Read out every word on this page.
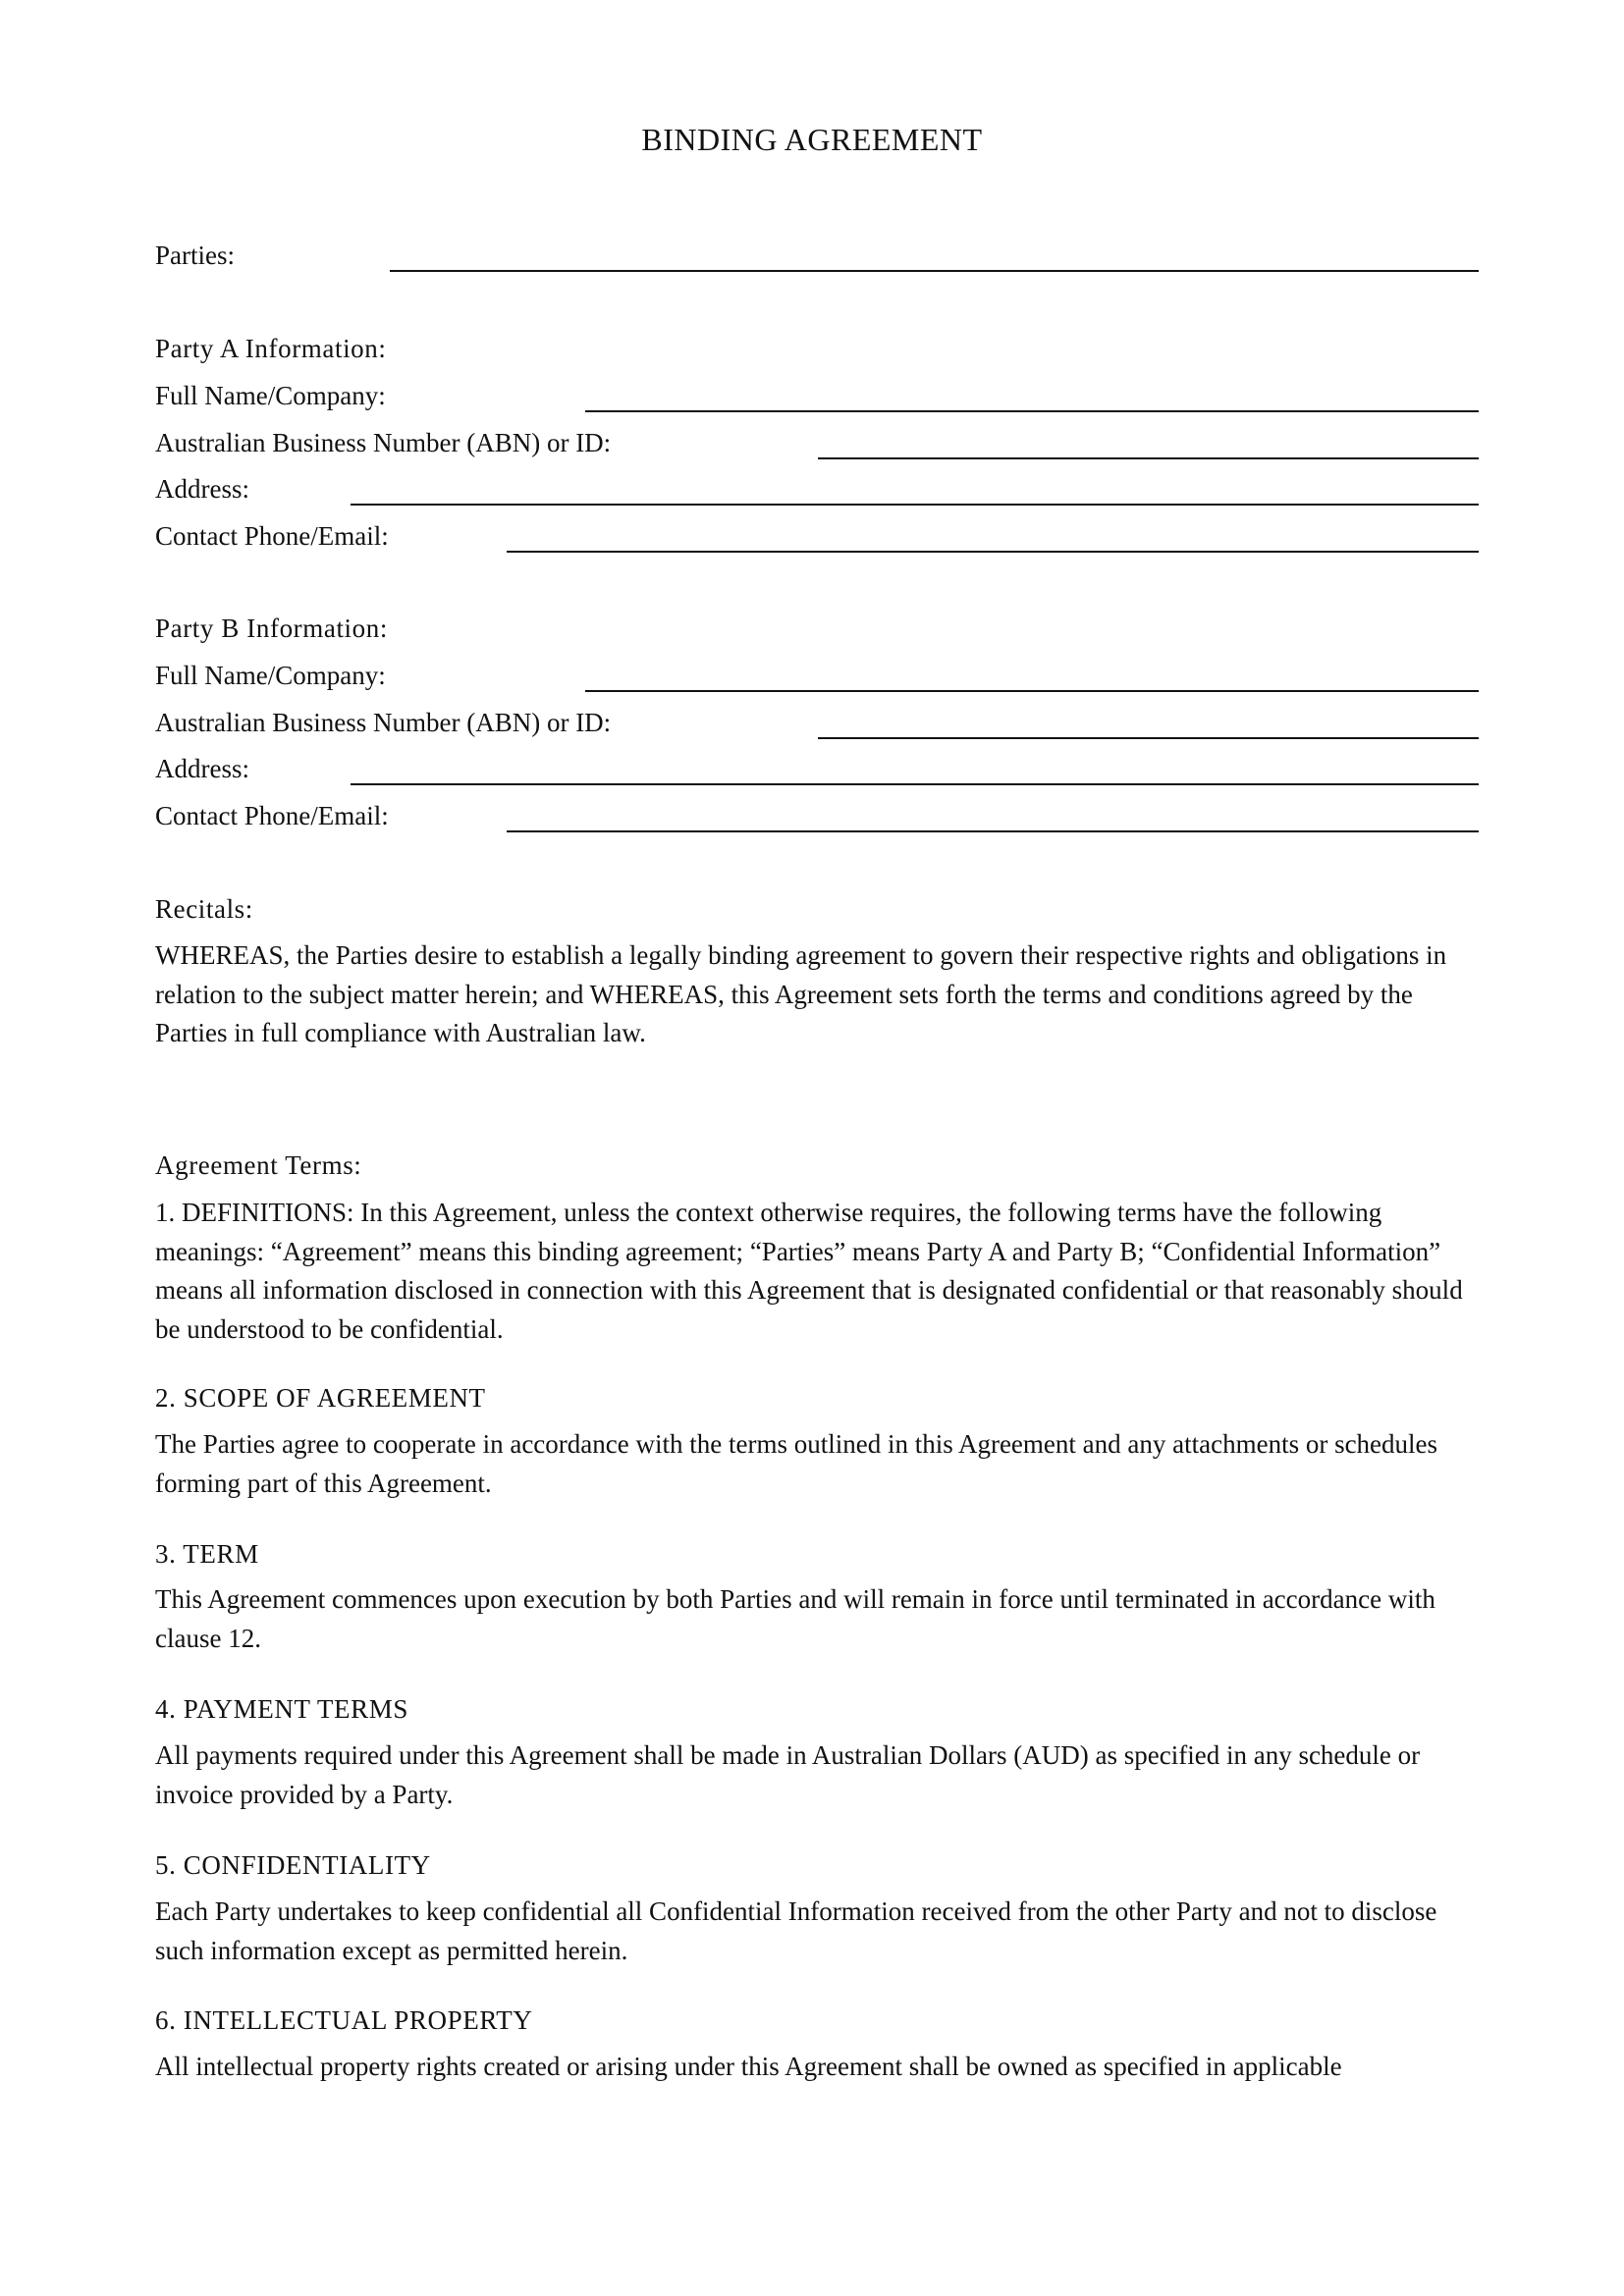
BINDING AGREEMENT
Parties:
Party A Information:
Full Name/Company:
Australian Business Number (ABN) or ID:
Address:
Contact Phone/Email:
Party B Information:
Full Name/Company:
Australian Business Number (ABN) or ID:
Address:
Contact Phone/Email:
Recitals:
WHEREAS, the Parties desire to establish a legally binding agreement to govern their respective rights and obligations in relation to the subject matter herein; and WHEREAS, this Agreement sets forth the terms and conditions agreed by the Parties in full compliance with Australian law.
Agreement Terms:
1. DEFINITIONS: In this Agreement, unless the context otherwise requires, the following terms have the following meanings: “Agreement” means this binding agreement; “Parties” means Party A and Party B; “Confidential Information” means all information disclosed in connection with this Agreement that is designated confidential or that reasonably should be understood to be confidential.
2. SCOPE OF AGREEMENT
The Parties agree to cooperate in accordance with the terms outlined in this Agreement and any attachments or schedules forming part of this Agreement.
3. TERM
This Agreement commences upon execution by both Parties and will remain in force until terminated in accordance with clause 12.
4. PAYMENT TERMS
All payments required under this Agreement shall be made in Australian Dollars (AUD) as specified in any schedule or invoice provided by a Party.
5. CONFIDENTIALITY
Each Party undertakes to keep confidential all Confidential Information received from the other Party and not to disclose such information except as permitted herein.
6. INTELLECTUAL PROPERTY
All intellectual property rights created or arising under this Agreement shall be owned as specified in applicable
